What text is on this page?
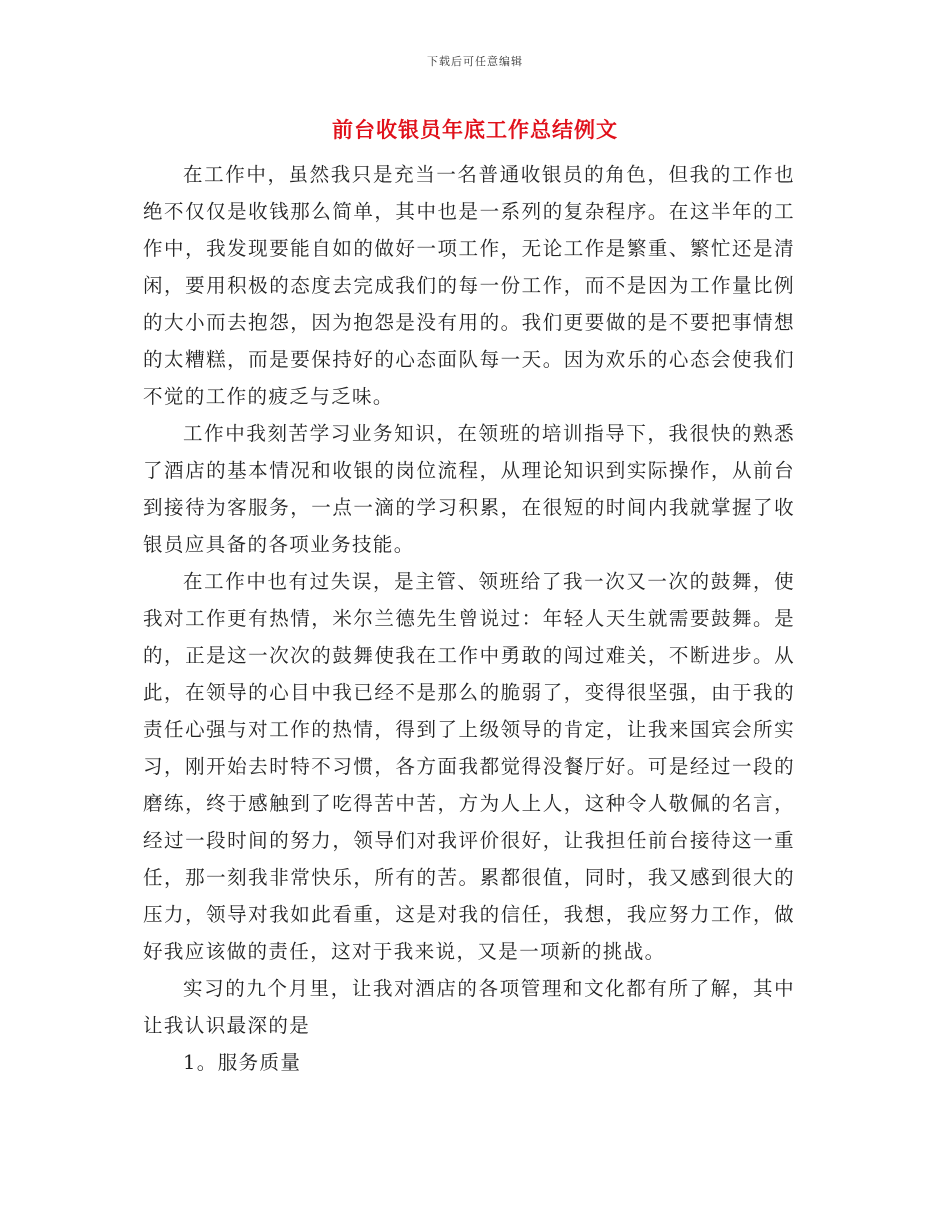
下载后可任意编辑
前台收银员年底工作总结例文

在工作中，虽然我只是充当一名普通收银员的角色，但我的工作也绝不仅仅是收钱那么简单，其中也是一系列的复杂程序。在这半年的工作中，我发现要能自如的做好一项工作，无论工作是繁重、繁忙还是清闲，要用积极的态度去完成我们的每一份工作，而不是因为工作量比例的大小而去抱怨，因为抱怨是没有用的。我们更要做的是不要把事情想的太糟糕，而是要保持好的心态面队每一天。因为欢乐的心态会使我们不觉的工作的疲乏与乏味。

工作中我刻苦学习业务知识，在领班的培训指导下，我很快的熟悉了酒店的基本情况和收银的岗位流程，从理论知识到实际操作，从前台到接待为客服务，一点一滴的学习积累，在很短的时间内我就掌握了收银员应具备的各项业务技能。

在工作中也有过失误，是主管、领班给了我一次又一次的鼓舞，使我对工作更有热情，米尔兰德先生曾说过：年轻人天生就需要鼓舞。是的，正是这一次次的鼓舞使我在工作中勇敢的闯过难关，不断进步。从此，在领导的心目中我已经不是那么的脆弱了，变得很坚强，由于我的责任心强与对工作的热情，得到了上级领导的肯定，让我来国宾会所实习，刚开始去时特不习惯，各方面我都觉得没餐厅好。可是经过一段的磨练，终于感触到了吃得苦中苦，方为人上人，这种令人敬佩的名言，经过一段时间的努力，领导们对我评价很好，让我担任前台接待这一重任，那一刻我非常快乐，所有的苦。累都很值，同时，我又感到很大的压力，领导对我如此看重，这是对我的信任，我想，我应努力工作，做好我应该做的责任，这对于我来说，又是一项新的挑战。

实习的九个月里，让我对酒店的各项管理和文化都有所了解，其中让我认识最深的是

1。服务质量
